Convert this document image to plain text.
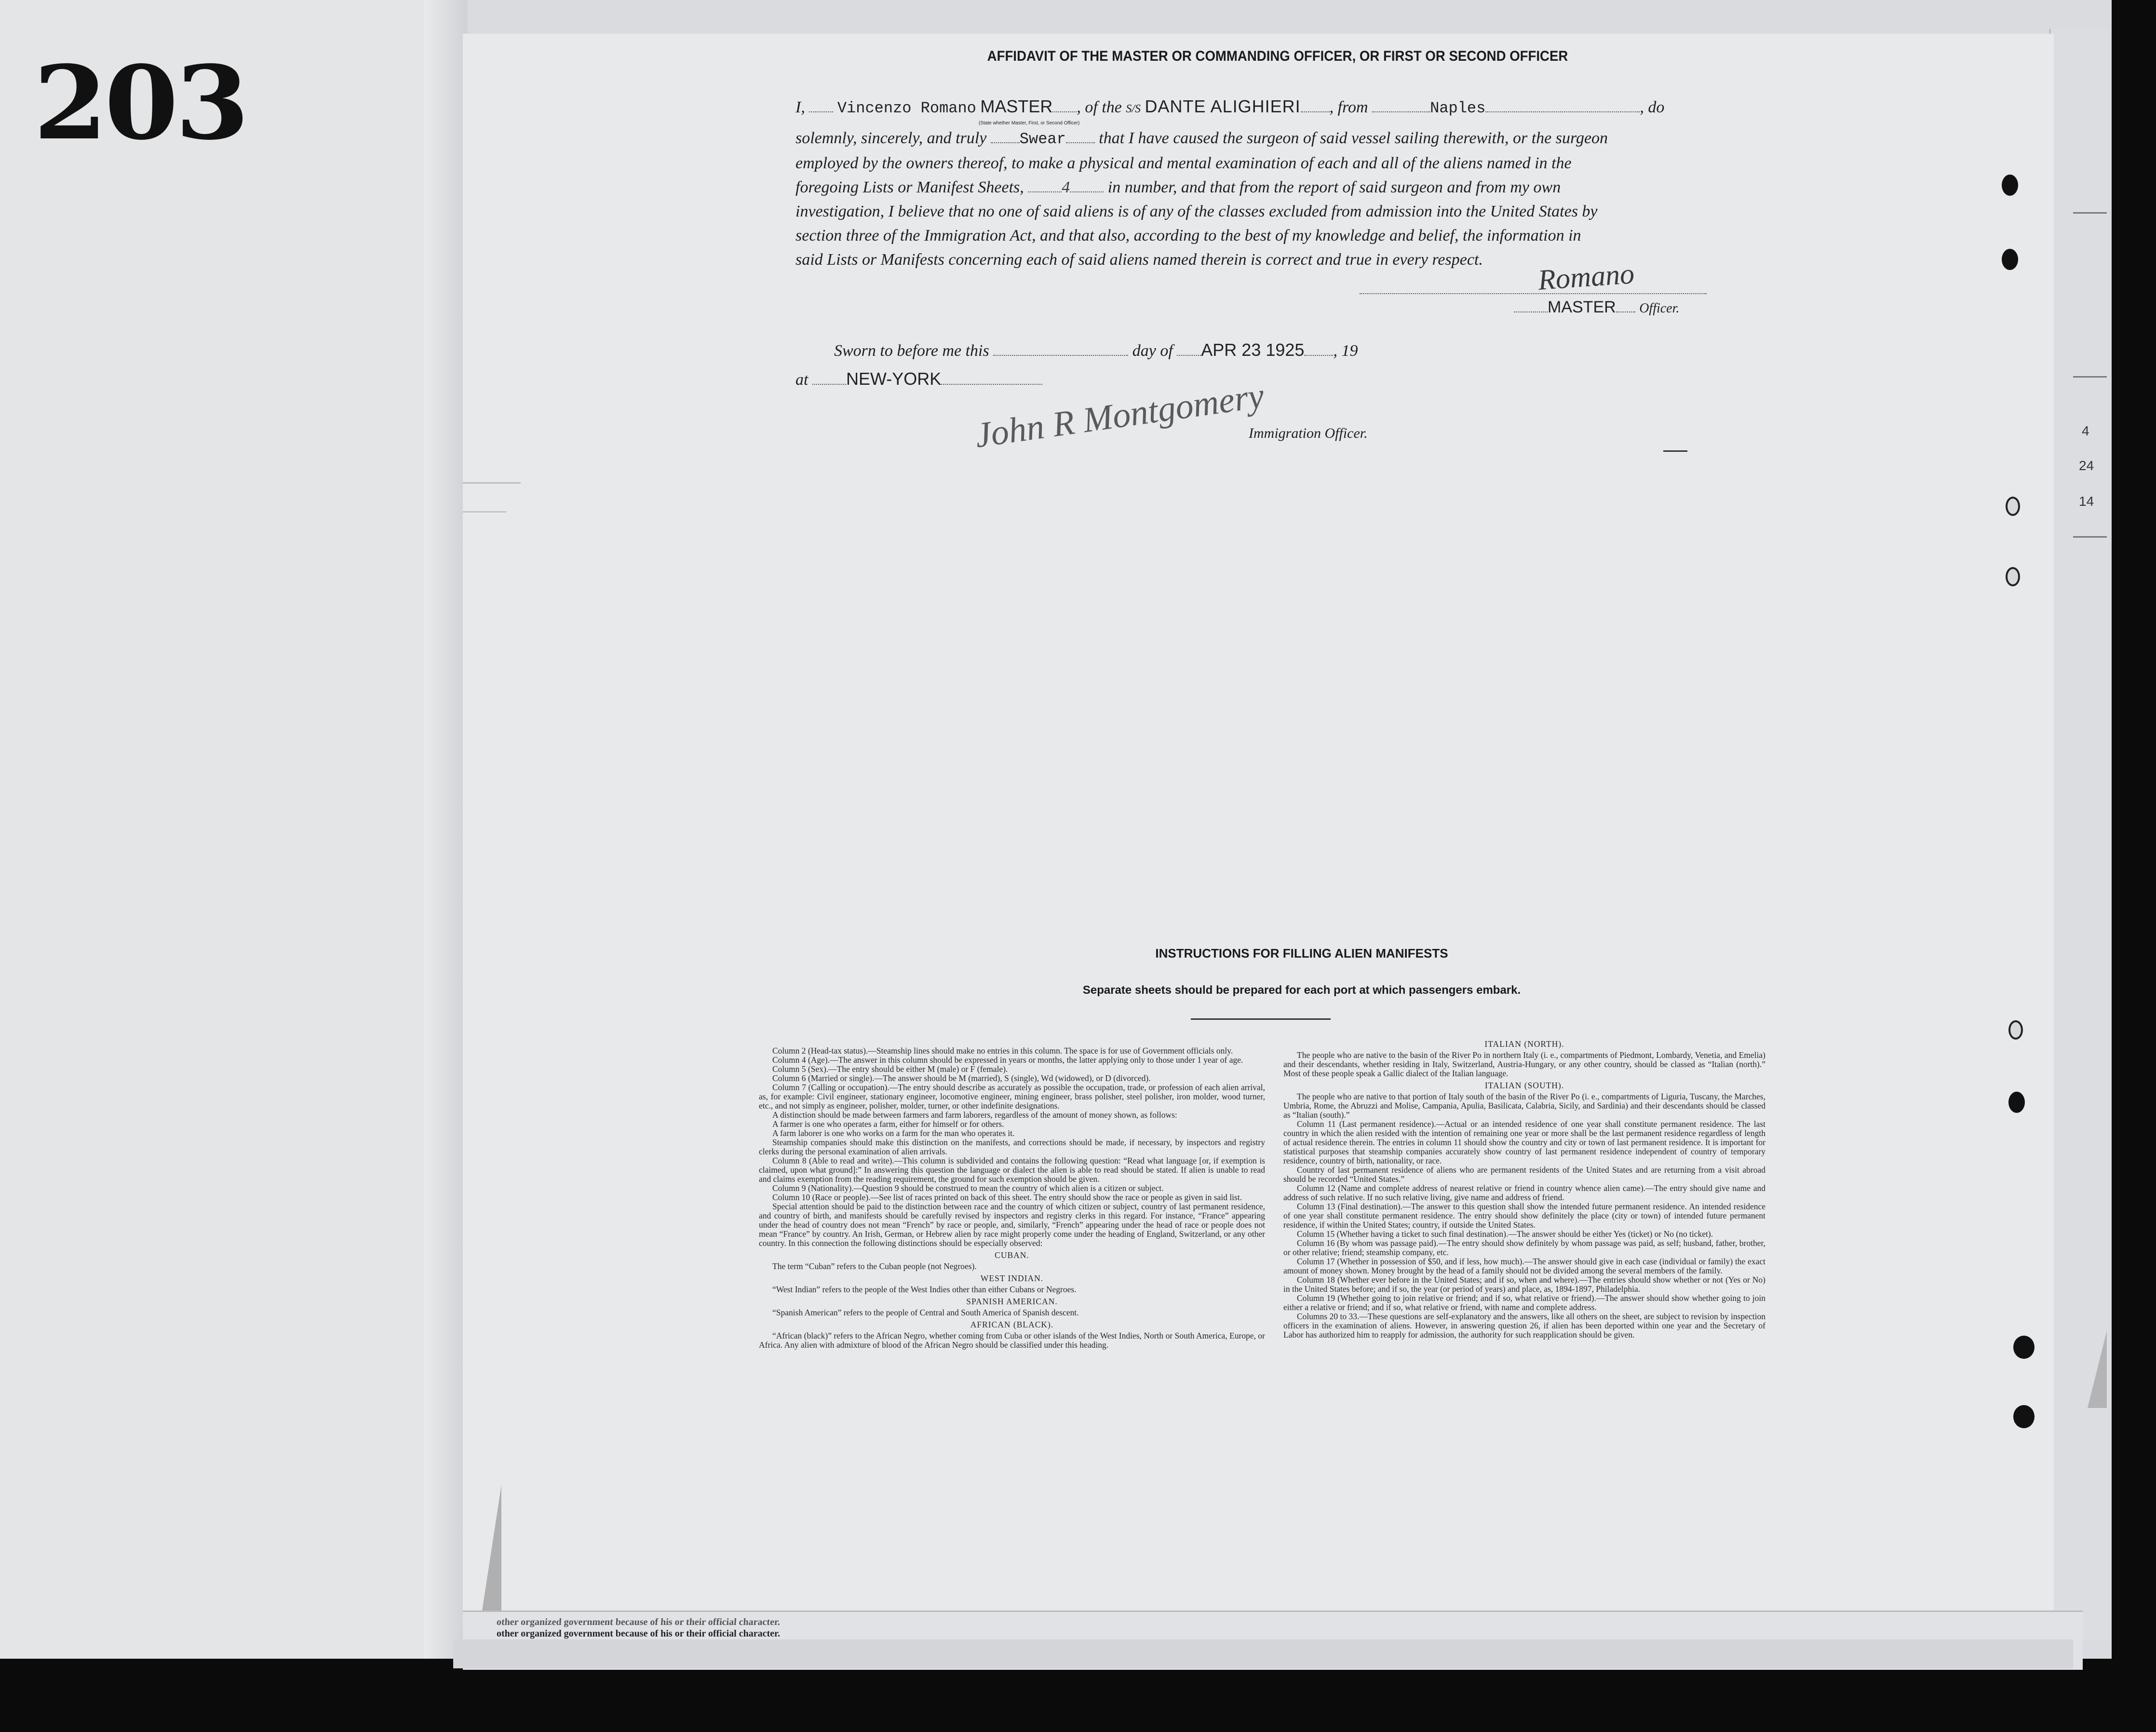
203	AFFIDAVIT OF THE MASTER OR COMMANDING OFFICER, OR FIRST OR SECOND OFFICER
I, Vincenzo Romano MASTER , of the S/S DANTE ALIGHIERI , from	Naples	, do
(State whether Master, First, or Second Officer)
solemnly, sincerely, and truly Swear that I have caused the surgeon of said vessel sailing therewith, or the surgeon
employed by the owners thereof, to make a physical and mental examination of each and all of the aliens named in the
foregoing Lists or Manifest Sheets, 4 in number, and that from the report of said surgeon and from my own
investigation, I believe that no one of said aliens is of any of the classes excluded from admission into the United States by
section three of the Immigration Act, and that also, according to the best of my knowledge and belief, the information in
said Lists or Manifests concerning each of said aliens named therein is correct and true in every respect. Romano
MASTER Officer.
Sworn to before me this	day of APR 23 1925 , 19
at NEW-YORK John R Montgomery
Immigration Officer.	4
24
14
INSTRUCTIONS FOR FILLING ALIEN MANIFESTS
Separate sheets should be prepared for each port at which passengers embark.

Column 2 (Head-tax status).—Steamship lines should make no entries in this column. The space is for use of Government officials only.

Column 4 (Age).—The answer in this column should be expressed in years or months, the latter applying only to those under 1 year of age.

Column 5 (Sex).—The entry should be either M (male) or F (female).

Column 6 (Married or single).—The answer should be M (married), S (single), Wd (widowed), or D (divorced).

Column 7 (Calling or occupation).—The entry should describe as accurately as possible the occupation, trade, or profession of each alien arrival, as, for example: Civil engineer, stationary engineer, locomotive engineer, mining engineer, brass polisher, steel polisher, iron molder, wood turner, etc., and not simply as engineer, polisher, molder, turner, or other indefinite designations.

A distinction should be made between farmers and farm laborers, regardless of the amount of money shown, as follows:

A farmer is one who operates a farm, either for himself or for others.

A farm laborer is one who works on a farm for the man who operates it.

Steamship companies should make this distinction on the manifests, and corrections should be made, if necessary, by inspectors and registry clerks during the personal examination of alien arrivals.

Column 8 (Able to read and write).—This column is subdivided and contains the following question: “Read what language [or, if exemption is claimed, upon what ground]:” In answering this question the language or dialect the alien is able to read should be stated. If alien is unable to read and claims exemption from the reading requirement, the ground for such exemption should be given.

Column 9 (Nationality).—Question 9 should be construed to mean the country of which alien is a citizen or subject.

Column 10 (Race or people).—See list of races printed on back of this sheet. The entry should show the race or people as given in said list.

Special attention should be paid to the distinction between race and the country of which citizen or subject, country of last permanent residence, and country of birth, and manifests should be carefully revised by inspectors and registry clerks in this regard. For instance, “France” appearing under the head of country does not mean “French” by race or people, and, similarly, “French” appearing under the head of race or people does not mean “France” by country. An Irish, German, or Hebrew alien by race might properly come under the heading of England, Switzerland, or any other country. In this connection the following distinctions should be especially observed:

CUBAN.

The term “Cuban” refers to the Cuban people (not Negroes).

WEST INDIAN.

“West Indian” refers to the people of the West Indies other than either Cubans or Negroes.

SPANISH AMERICAN.

“Spanish American” refers to the people of Central and South America of Spanish descent.

AFRICAN (BLACK).

“African (black)” refers to the African Negro, whether coming from Cuba or other islands of the West Indies, North or South America, Europe, or Africa. Any alien with admixture of blood of the African Negro should be classified under this heading.

ITALIAN (NORTH).

The people who are native to the basin of the River Po in northern Italy (i. e., compartments of Piedmont, Lombardy, Venetia, and Emelia) and their descendants, whether residing in Italy, Switzerland, Austria-Hungary, or any other country, should be classed as “Italian (north).” Most of these people speak a Gallic dialect of the Italian language.

ITALIAN (SOUTH).

The people who are native to that portion of Italy south of the basin of the River Po (i. e., compartments of Liguria, Tuscany, the Marches, Umbria, Rome, the Abruzzi and Molise, Campania, Apulia, Basilicata, Calabria, Sicily, and Sardinia) and their descendants should be classed as “Italian (south).”

Column 11 (Last permanent residence).—Actual or an intended residence of one year shall constitute permanent residence. The last country in which the alien resided with the intention of remaining one year or more shall be the last permanent residence regardless of length of actual residence therein. The entries in column 11 should show the country and city or town of last permanent residence. It is important for statistical purposes that steamship companies accurately show country of last permanent residence independent of country of temporary residence, country of birth, nationality, or race.

Country of last permanent residence of aliens who are permanent residents of the United States and are returning from a visit abroad should be recorded “United States.”

Column 12 (Name and complete address of nearest relative or friend in country whence alien came).—The entry should give name and address of such relative. If no such relative living, give name and address of friend.

Column 13 (Final destination).—The answer to this question shall show the intended future permanent residence. An intended residence of one year shall constitute permanent residence. The entry should show definitely the place (city or town) of intended future permanent residence, if within the United States; country, if outside the United States.

Column 15 (Whether having a ticket to such final destination).—The answer should be either Yes (ticket) or No (no ticket).

Column 16 (By whom was passage paid).—The entry should show definitely by whom passage was paid, as self; husband, father, brother, or other relative; friend; steamship company, etc.

Column 17 (Whether in possession of $50, and if less, how much).—The answer should give in each case (individual or family) the exact amount of money shown. Money brought by the head of a family should not be divided among the several members of the family.

Column 18 (Whether ever before in the United States; and if so, when and where).—The entries should show whether or not (Yes or No) in the United States before; and if so, the year (or period of years) and place, as, 1894-1897, Philadelphia.

Column 19 (Whether going to join relative or friend; and if so, what relative or friend).—The answer should show whether going to join either a relative or friend; and if so, what relative or friend, with name and complete address.

Columns 20 to 33.—These questions are self-explanatory and the answers, like all others on the sheet, are subject to revision by inspection officers in the examination of aliens. However, in answering question 26, if alien has been deported within one year and the Secretary of Labor has authorized him to reapply for admission, the authority for such reapplication should be given.

other organized government because of his or their official character.
other organized government because of his or their official character.
